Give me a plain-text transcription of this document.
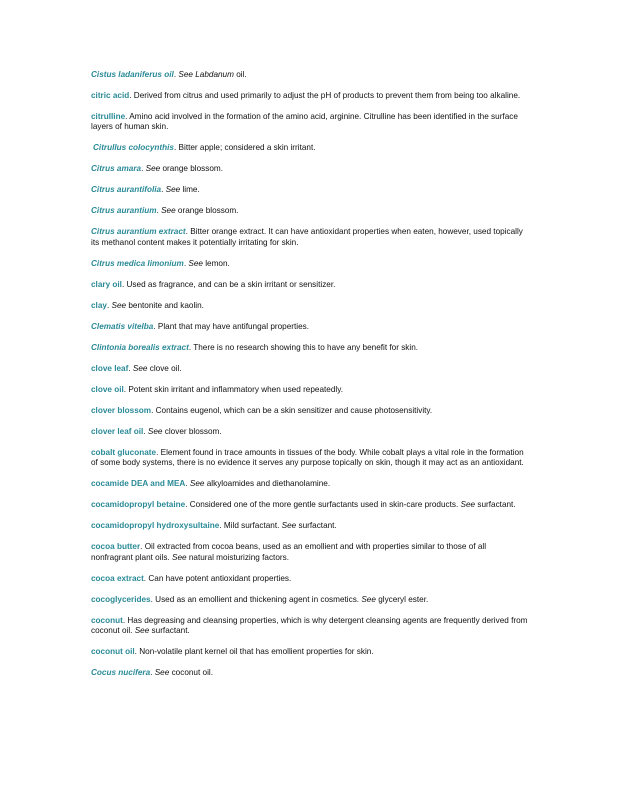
Cistus ladaniferus oil. See Labdanum oil.

citric acid. Derived from citrus and used primarily to adjust the pH of products to prevent them from being too alkaline.

citrulline. Amino acid involved in the formation of the amino acid, arginine. Citrulline has been identified in the surface layers of human skin.

Citrullus colocynthis. Bitter apple; considered a skin irritant.

Citrus amara. See orange blossom.

Citrus aurantifolia. See lime.

Citrus aurantium. See orange blossom.

Citrus aurantium extract. Bitter orange extract. It can have antioxidant properties when eaten, however, used topically its methanol content makes it potentially irritating for skin.

Citrus medica limonium. See lemon.

clary oil. Used as fragrance, and can be a skin irritant or sensitizer.

clay. See bentonite and kaolin.

Clematis vitelba. Plant that may have antifungal properties.

Clintonia borealis extract. There is no research showing this to have any benefit for skin.

clove leaf. See clove oil.

clove oil. Potent skin irritant and inflammatory when used repeatedly.

clover blossom. Contains eugenol, which can be a skin sensitizer and cause photosensitivity.

clover leaf oil. See clover blossom.

cobalt gluconate. Element found in trace amounts in tissues of the body. While cobalt plays a vital role in the formation of some body systems, there is no evidence it serves any purpose topically on skin, though it may act as an antioxidant.

cocamide DEA and MEA. See alkyloamides and diethanolamine.

cocamidopropyl betaine. Considered one of the more gentle surfactants used in skin-care products. See surfactant.

cocamidopropyl hydroxysultaine. Mild surfactant. See surfactant.

cocoa butter. Oil extracted from cocoa beans, used as an emollient and with properties similar to those of all nonfragrant plant oils. See natural moisturizing factors.

cocoa extract. Can have potent antioxidant properties.

cocoglycerides. Used as an emollient and thickening agent in cosmetics. See glyceryl ester.

coconut. Has degreasing and cleansing properties, which is why detergent cleansing agents are frequently derived from coconut oil. See surfactant.

coconut oil. Non-volatile plant kernel oil that has emollient properties for skin.

Cocus nucifera. See coconut oil.
